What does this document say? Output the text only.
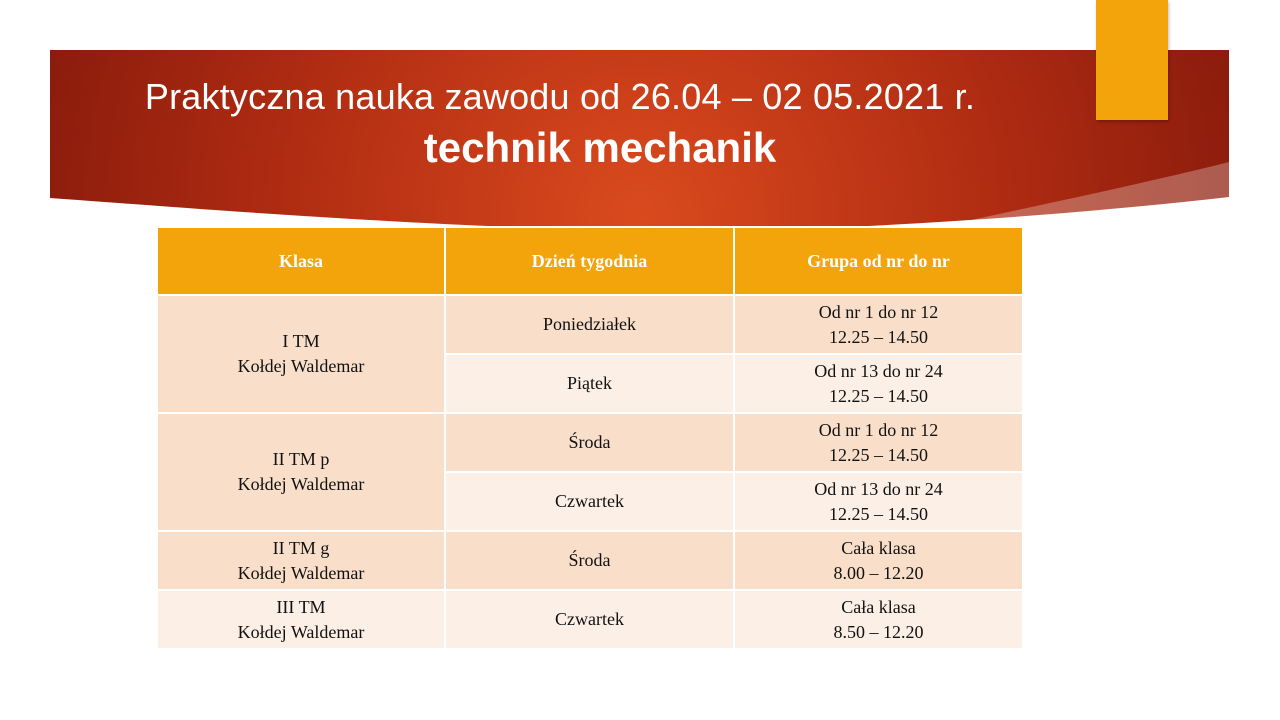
Praktyczna nauka zawodu od 26.04 – 02 05.2021 r.
technik mechanik
Klasa	Dzień tygodnia	Grupa od nr do nr

I TM
Kołdej Waldemar	Poniedziałek	Od nr 1 do nr 12
12.25 – 14.50

	Piątek	Od nr 13 do nr 24
12.25 – 14.50

II TM p
Kołdej Waldemar	Środa	Od nr 1 do nr 12
12.25 – 14.50

	Czwartek	Od nr 13 do nr 24
12.25 – 14.50

II TM g
Kołdej Waldemar	Środa	Cała klasa
8.00 – 12.20

III TM
Kołdej Waldemar	Czwartek	Cała klasa
8.50 – 12.20
